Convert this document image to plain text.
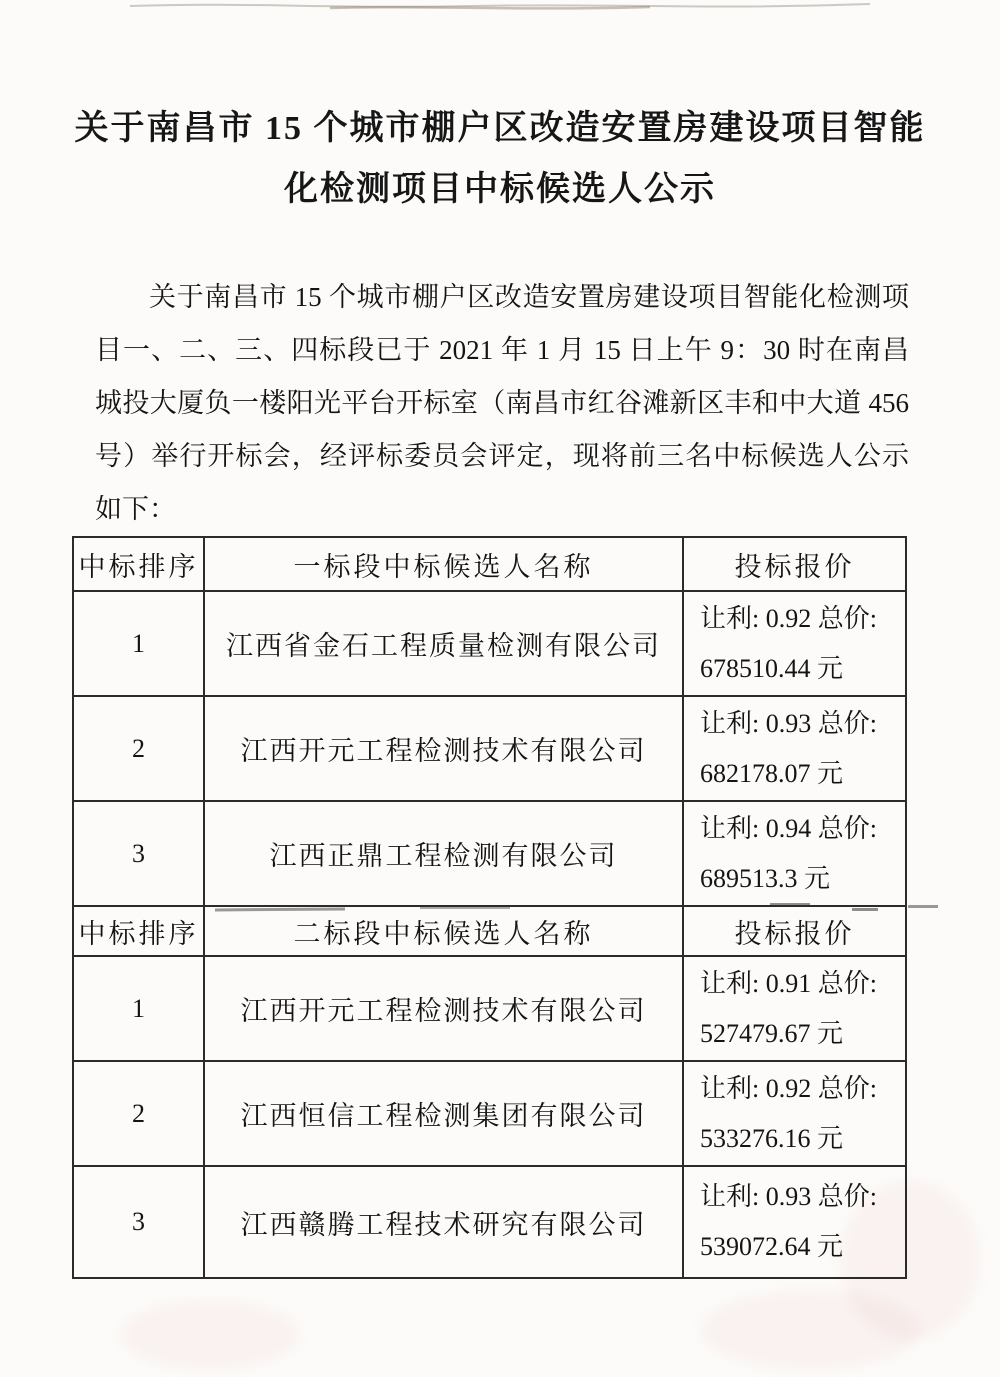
关于南昌市 15 个城市棚户区改造安置房建设项目智能
化检测项目中标候选人公示
关于南昌市 15 个城市棚户区改造安置房建设项目智能化检测项
目一、二、三、四标段已于 2021 年 1 月 15 日上午 9：30 时在南昌
城投大厦负一楼阳光平台开标室（南昌市红谷滩新区丰和中大道 456
号）举行开标会，经评标委员会评定，现将前三名中标候选人公示
如下：
中标排序	一标段中标候选人名称	投标报价
1	江西省金石工程质量检测有限公司	让利: 0.92 总价:
678510.44 元

2	江西开元工程检测技术有限公司	让利: 0.93 总价:
682178.07 元

3	江西正鼎工程检测有限公司	让利: 0.94 总价:
689513.3 元

中标排序	二标段中标候选人名称	投标报价
1	江西开元工程检测技术有限公司	让利: 0.91 总价:
527479.67 元

2	江西恒信工程检测集团有限公司	让利: 0.92 总价:
533276.16 元

3	江西赣腾工程技术研究有限公司	让利: 0.93 总价:
539072.64 元
